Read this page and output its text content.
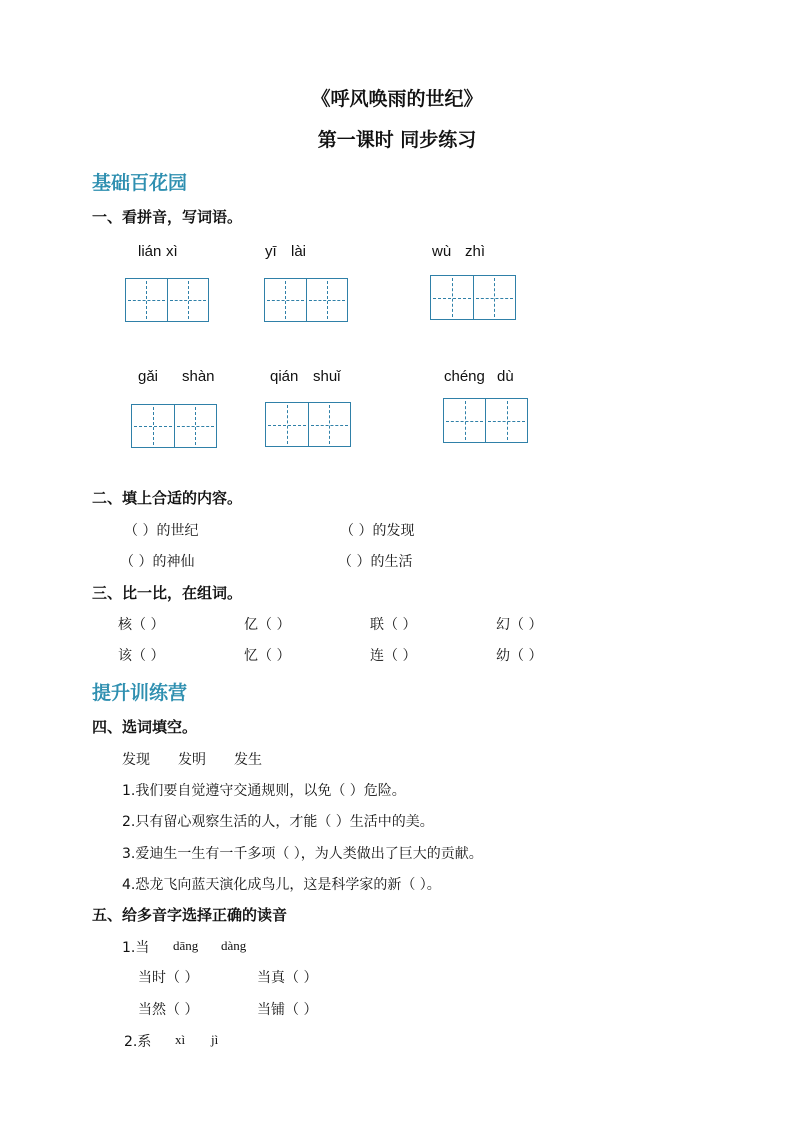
《呼风唤雨的世纪》
第一课时 同步练习
基础百花园
一、看拼音，写词语。
lián xì	yī lài	wù zhì
gǎi shàn	qián shuǐ	chéng dù
二、填上合适的内容。
（ ）的世纪	（ ）的发现
（ ）的神仙	（ ）的生活
三、比一比，在组词。
核（ ）	亿（ ）	联（ ）	幻（ ）
该（ ）	忆（ ）	连（ ）	幼（ ）
提升训练营
四、选词填空。
发现 发明 发生
1.我们要自觉遵守交通规则，以免（ ）危险。
2.只有留心观察生活的人，才能（ ）生活中的美。
3.爱迪生一生有一千多项（ ），为人类做出了巨大的贡献。
4.恐龙飞向蓝天演化成鸟儿，这是科学家的新（ ）。
五、给多音字选择正确的读音
1.当 dāng dàng
当时（ ）	当真（ ）
当然（ ）	当铺（ ）
2.系 xì jì
